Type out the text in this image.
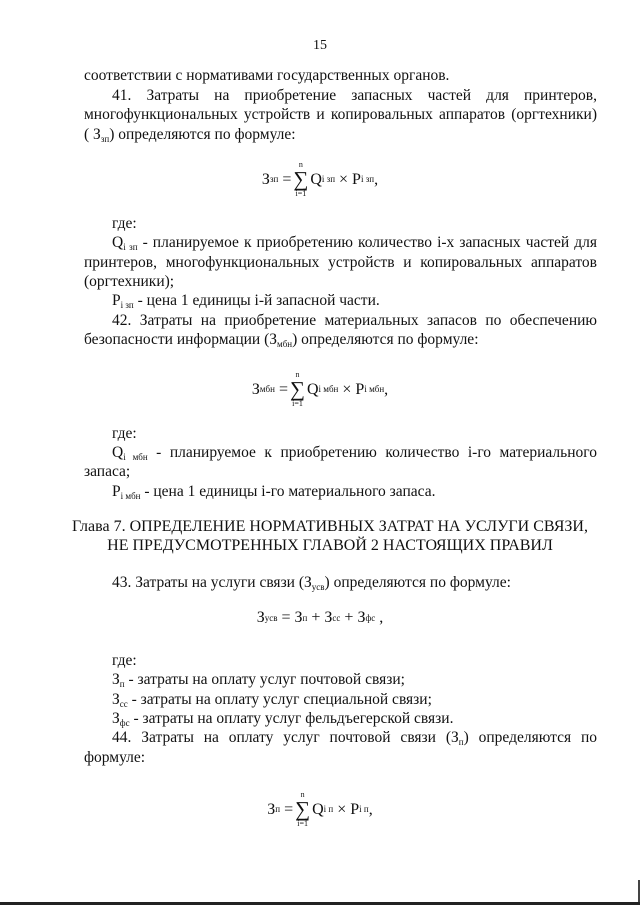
15
соответствии с нормативами государственных органов.
41. Затраты на приобретение запасных частей для принтеров,
многофункциональных устройств и копировальных аппаратов (оргтехники)
( $З_{зп}$) определяются по формуле:
З зп
=
n
∑
i=1
Q i зп
×
P i зп ,
где:
$Q_{i зп}$ - планируемое к приобретению количество i-х запасных частей для
принтеров, многофункциональных устройств и копировальных аппаратов
(оргтехники);
$P_{i зп}$ - цена 1 единицы i-й запасной части.
42. Затраты на приобретение материальных запасов по обеспечению
безопасности информации $(З_{мбн})$ определяются по формуле:
З мбн
=
n
∑
i=1
Q i мбн
×
P i мбн ,
где:
$Q_{i мбн}$ - планируемое к приобретению количество i-го материального
запаса;
$P_{i мбн}$ - цена 1 единицы i-го материального запаса.
Глава 7. ОПРЕДЕЛЕНИЕ НОРМАТИВНЫХ ЗАТРАТ НА УСЛУГИ СВЯЗИ,
НЕ ПРЕДУСМОТРЕННЫХ ГЛАВОЙ 2 НАСТОЯЩИХ ПРАВИЛ
43. Затраты на услуги связи $(З_{усв})$ определяются по формуле:
З усв
=
З п
+
З сс
+
З фс
,
где:
$З_п$ - затраты на оплату услуг почтовой связи;
$З_{сс}$ - затраты на оплату услуг специальной связи;
$З_{фс}$ - затраты на оплату услуг фельдъегерской связи.
44. Затраты на оплату услуг почтовой связи $(З_п)$ определяются по
формуле:
З п
=
n
∑
i=1
Q i п
×
P i п ,
